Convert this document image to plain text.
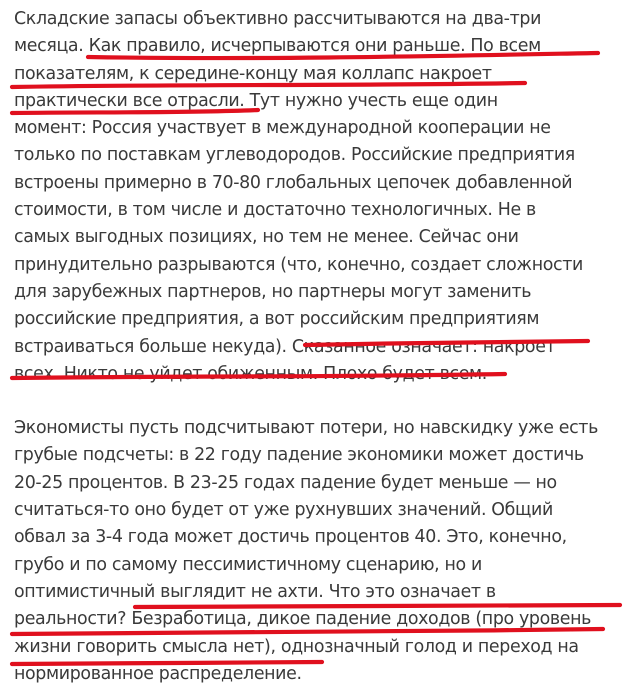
Складские запасы объективно рассчитываются на два-три
месяца. Как правило, исчерпываются они раньше. По всем
показателям, к середине-концу мая коллапс накроет
практически все отрасли. Тут нужно учесть еще один
момент: Россия участвует в международной кооперации не
только по поставкам углеводородов. Российские предприятия
встроены примерно в 70-80 глобальных цепочек добавленной
стоимости, в том числе и достаточно технологичных. Не в
самых выгодных позициях, но тем не менее. Сейчас они
принудительно разрываются (что, конечно, создает сложности
для зарубежных партнеров, но партнеры могут заменить
российские предприятия, а вот российским предприятиям
встраиваться больше некуда). Сказанное означает: накроет
всех. Никто не уйдет обиженным. Плохо будет всем.

Экономисты пусть подсчитывают потери, но навскидку уже есть
грубые подсчеты: в 22 году падение экономики может достичь
20-25 процентов. В 23-25 годах падение будет меньше — но
считаться-то оно будет от уже рухнувших значений. Общий
обвал за 3-4 года может достичь процентов 40. Это, конечно,
грубо и по самому пессимистичному сценарию, но и
оптимистичный выглядит не ахти. Что это означает в
реальности? Безработица, дикое падение доходов (про уровень
жизни говорить смысла нет), однозначный голод и переход на
нормированное распределение.
